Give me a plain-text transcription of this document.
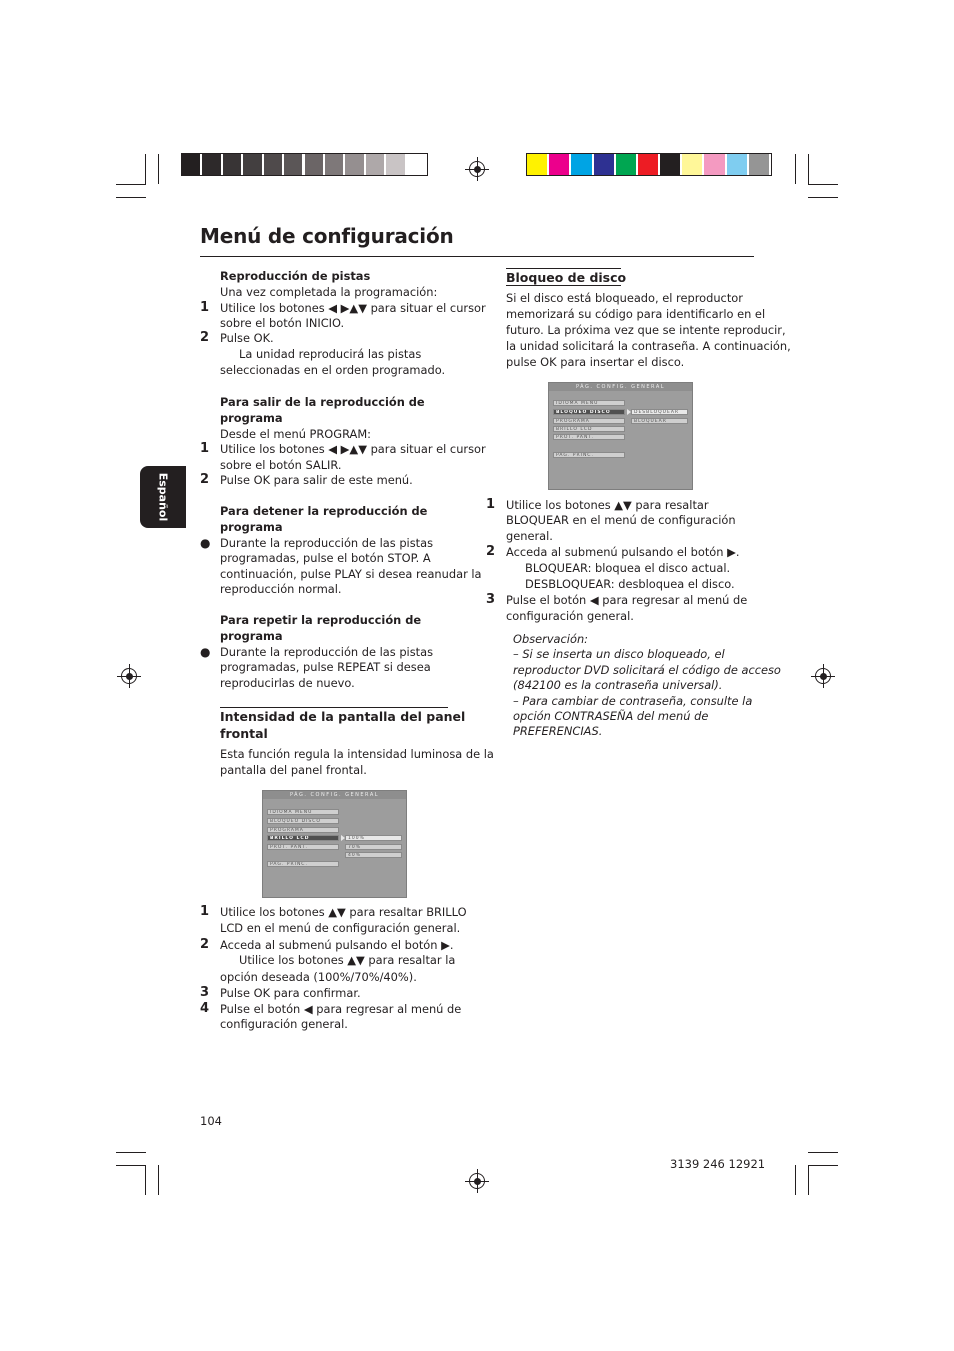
Menú de configuración
Español
Reproducción de pistas
Una vez completada la programación:
1 Utilice los botones ◀ ▶▲▼ para situar el cursor
sobre el botón INICIO.
2 Pulse OK.
La unidad reproducirá las pistas
seleccionadas en el orden programado.
Para salir de la reproducción de
programa
Desde el menú PROGRAM:
1 Utilice los botones ◀ ▶▲▼ para situar el cursor
sobre el botón SALIR.
2 Pulse OK para salir de este menú.
Para detener la reproducción de
programa
● Durante la reproducción de las pistas
programadas, pulse el botón STOP. A
continuación, pulse PLAY si desea reanudar la
reproducción normal.
Para repetir la reproducción de
programa
● Durante la reproducción de las pistas
programadas, pulse REPEAT si desea
reproducirlas de nuevo.
Intensidad de la pantalla del panel
frontal
Esta función regula la intensidad luminosa de la
pantalla del panel frontal.
PÁG. CONFIG. GENERAL
IDIOMA MENÚ
BLOQUEO DISCO
PROGRAMA
BRILLO LCD
PROT. PANT.
PÁG. PRINC.
100%
70%
40%
1 Utilice los botones ▲▼ para resaltar BRILLO
LCD en el menú de configuración general.
2 Acceda al submenú pulsando el botón ▶.
Utilice los botones ▲▼ para resaltar la
opción deseada (100%/70%/40%).
3 Pulse OK para confirmar.
4 Pulse el botón ◀ para regresar al menú de
configuración general.
Bloqueo de disco
Si el disco está bloqueado, el reproductor
memorizará su código para identificarlo en el
futuro. La próxima vez que se intente reproducir,
la unidad solicitará la contraseña. A continuación,
pulse OK para insertar el disco.
PÁG. CONFIG. GENERAL
IDIOMA MENÚ
BLOQUEO DISCO
PROGRAMA
BRILLO LCD
PROT. PANT.
PÁG. PRINC.
DESBLOQUEAR
BLOQUEAR
1 Utilice los botones ▲▼ para resaltar
BLOQUEAR en el menú de configuración
general.
2 Acceda al submenú pulsando el botón ▶.
BLOQUEAR: bloquea el disco actual.
DESBLOQUEAR: desbloquea el disco.
3 Pulse el botón ◀ para regresar al menú de
configuración general.
Observación:
– Si se inserta un disco bloqueado, el
reproductor DVD solicitará el código de acceso
(842100 es la contraseña universal).
– Para cambiar de contraseña, consulte la
opción CONTRASEÑA del menú de
PREFERENCIAS.
104
3139 246 12921
